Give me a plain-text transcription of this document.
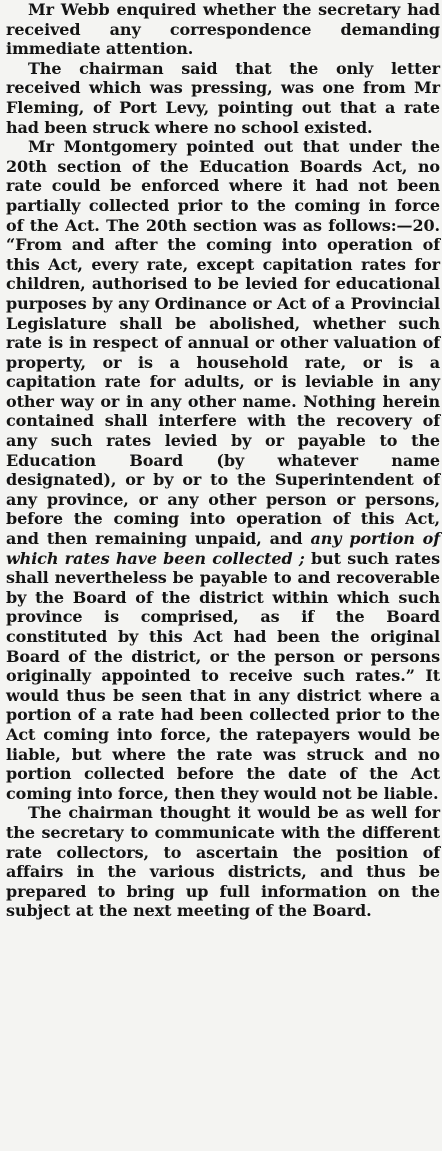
Mr Webb enquired whether the secretary had received any correspondence demanding immediate attention.

The chairman said that the only letter received which was pressing, was one from Mr Fleming, of Port Levy, pointing out that a rate had been struck where no school existed.

Mr Montgomery pointed out that under the 20th section of the Education Boards Act, no rate could be enforced where it had not been partially collected prior to the coming in force of the Act. The 20th section was as follows:—20. “From and after the coming into operation of this Act, every rate, except capitation rates for children, authorised to be levied for educational purposes by any Ordinance or Act of a Provincial Legislature shall be abolished, whether such rate is in respect of annual or other valuation of property, or is a household rate, or is a capitation rate for adults, or is leviable in any other way or in any other name. Nothing herein contained shall interfere with the recovery of any such rates levied by or payable to the Education Board (by whatever name designated), or by or to the Superintendent of any province, or any other person or persons, before the coming into operation of this Act, and then remaining unpaid, and any portion of which rates have been collected ; but such rates shall nevertheless be payable to and recoverable by the Board of the district within which such province is comprised, as if the Board constituted by this Act had been the original Board of the district, or the person or persons originally appointed to receive such rates.” It would thus be seen that in any district where a portion of a rate had been collected prior to the Act coming into force, the ratepayers would be liable, but where the rate was struck and no portion collected before the date of the Act coming into force, then they would not be liable.

The chairman thought it would be as well for the secretary to communicate with the different rate collectors, to ascertain the position of affairs in the various districts, and thus be prepared to bring up full information on the subject at the next meeting of the Board.
